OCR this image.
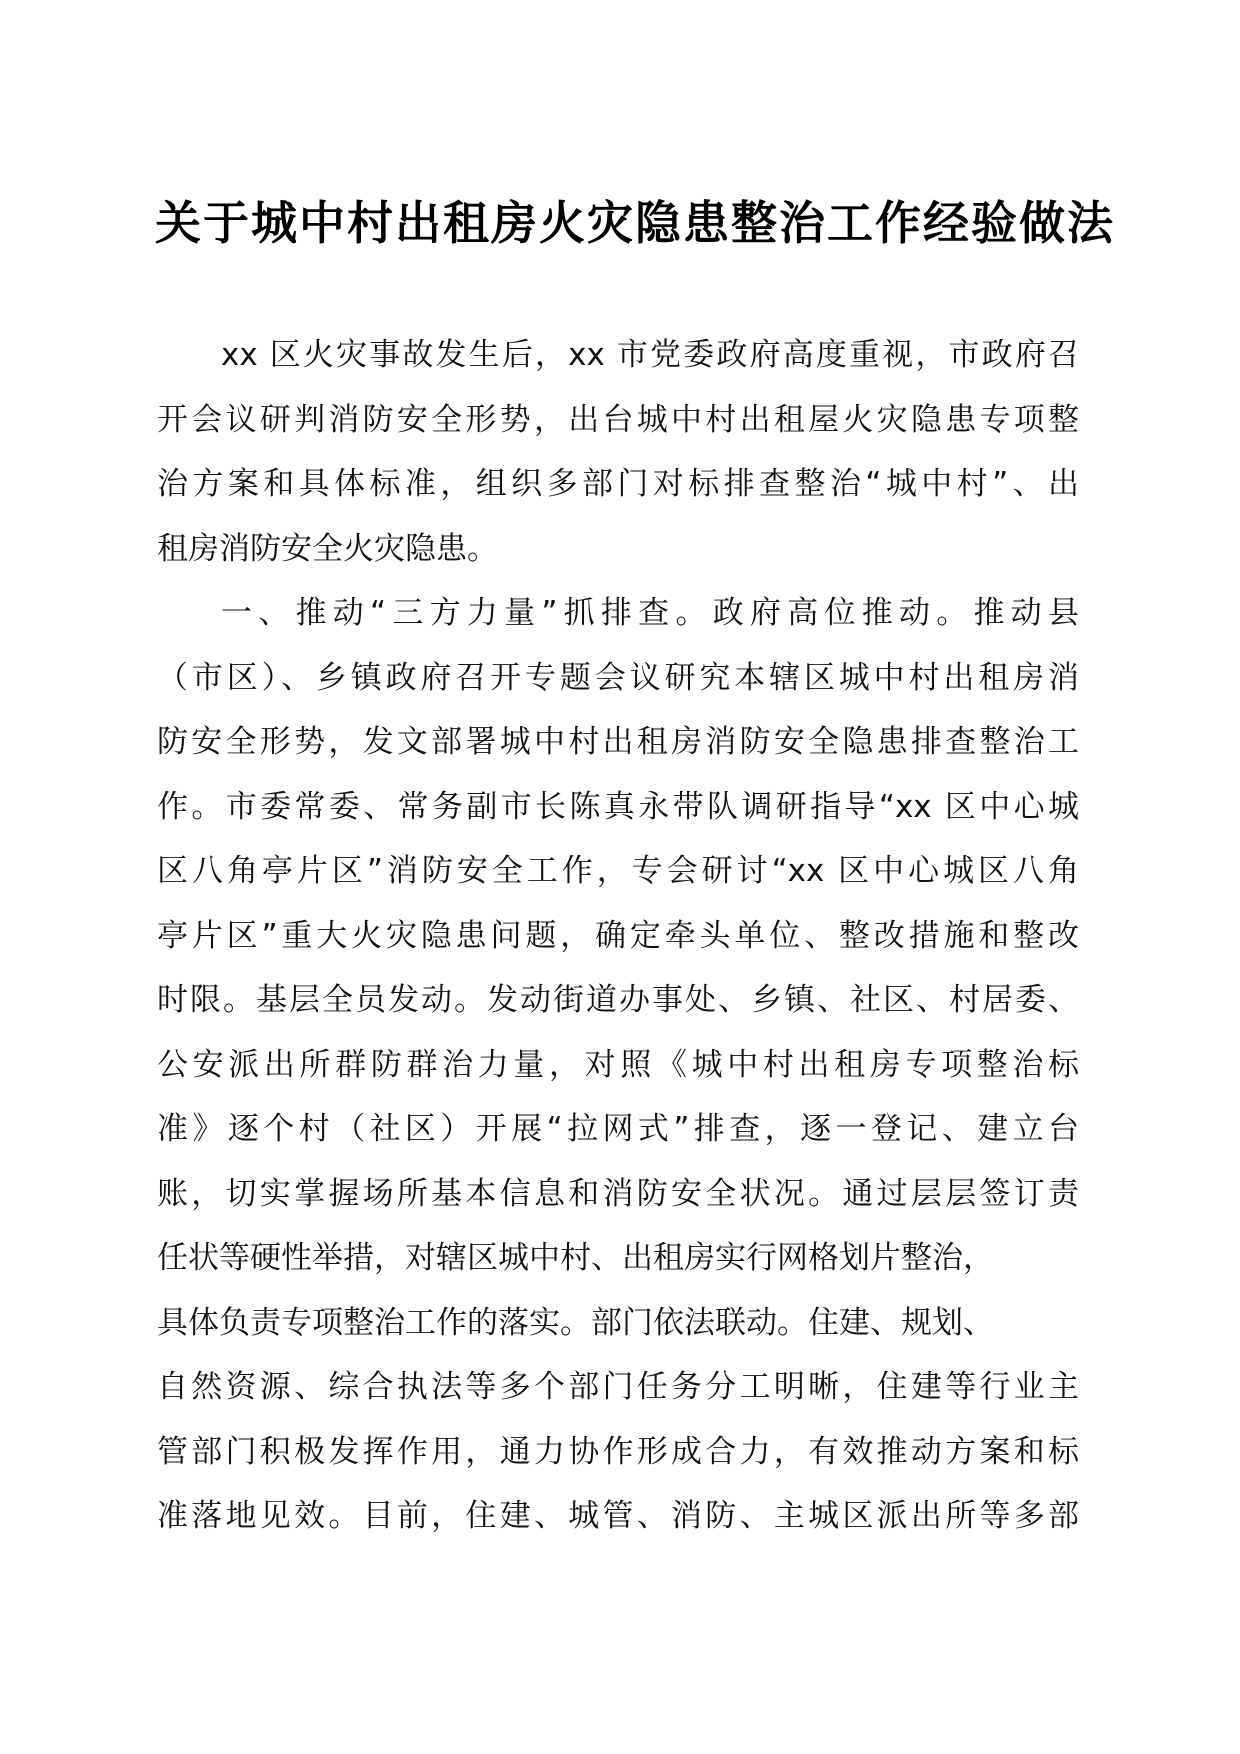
关于城中村出租房火灾隐患整治工作经验做法
xx 区火灾事故发生后，xx 市党委政府高度重视，市政府召
开会议研判消防安全形势，出台城中村出租屋火灾隐患专项整
治方案和具体标准，组织多部门对标排查整治“城中村”、出
租房消防安全火灾隐患。
一、推动“三方力量”抓排查。政府高位推动。推动县
（市区）、乡镇政府召开专题会议研究本辖区城中村出租房消
防安全形势，发文部署城中村出租房消防安全隐患排查整治工
作。市委常委、常务副市长陈真永带队调研指导“xx 区中心城
区八角亭片区”消防安全工作，专会研讨“xx 区中心城区八角
亭片区”重大火灾隐患问题，确定牵头单位、整改措施和整改
时限。基层全员发动。发动街道办事处、乡镇、社区、村居委、
公安派出所群防群治力量，对照《城中村出租房专项整治标
准》逐个村（社区）开展“拉网式”排查，逐一登记、建立台
账，切实掌握场所基本信息和消防安全状况。通过层层签订责
任状等硬性举措，对辖区城中村、出租房实行网格划片整治，
具体负责专项整治工作的落实。部门依法联动。住建、规划、
自然资源、综合执法等多个部门任务分工明晰，住建等行业主
管部门积极发挥作用，通力协作形成合力，有效推动方案和标
准落地见效。目前，住建、城管、消防、主城区派出所等多部
